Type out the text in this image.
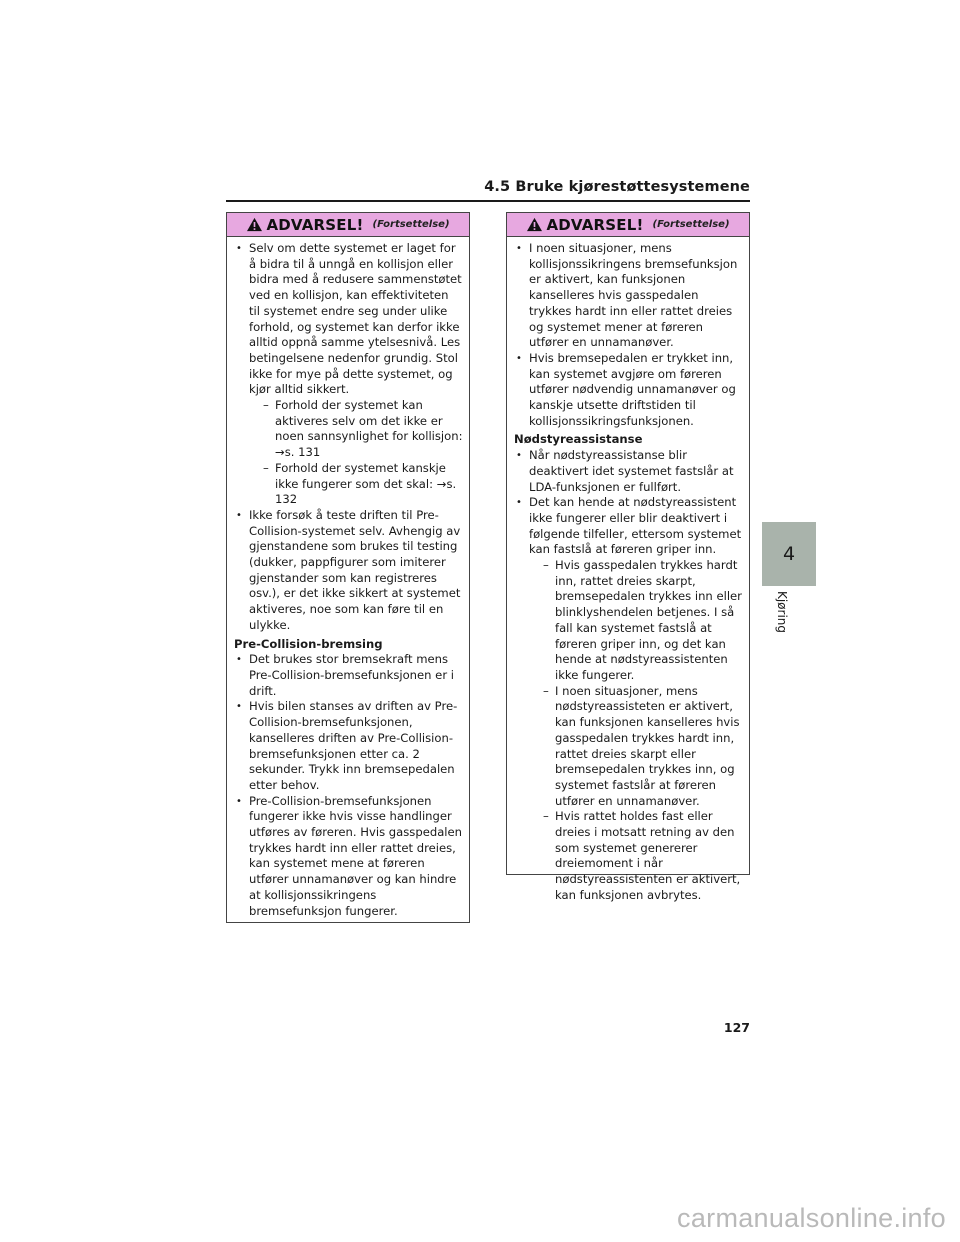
4.5 Bruke kjørestøttesystemene
ADVARSEL! (Fortsettelse)
• Selv om dette systemet er laget for å bidra til å unngå en kollisjon eller bidra med å redusere sammenstøtet ved en kollisjon, kan effektiviteten til systemet endre seg under ulike forhold, og systemet kan derfor ikke alltid oppnå samme ytelsesnivå. Les betingelsene nedenfor grundig. Stol ikke for mye på dette systemet, og kjør alltid sikkert.
– Forhold der systemet kan aktiveres selv om det ikke er noen sannsynlighet for kollisjon: →s. 131
– Forhold der systemet kanskje ikke fungerer som det skal: →s. 132
• Ikke forsøk å teste driften til Pre-Collision-systemet selv. Avhengig av gjenstandene som brukes til testing (dukker, pappfigurer som imiterer gjenstander som kan registreres osv.), er det ikke sikkert at systemet aktiveres, noe som kan føre til en ulykke.
Pre-Collision-bremsing
• Det brukes stor bremsekraft mens Pre-Collision-bremsefunksjonen er i drift.
• Hvis bilen stanses av driften av Pre-Collision-bremsefunksjonen, kanselleres driften av Pre-Collision-bremsefunksjonen etter ca. 2 sekunder. Trykk inn bremsepedalen etter behov.
• Pre-Collision-bremsefunksjonen fungerer ikke hvis visse handlinger utføres av føreren. Hvis gasspedalen trykkes hardt inn eller rattet dreies, kan systemet mene at føreren utfører unnamanøver og kan hindre at kollisjonssikringens bremsefunksjon fungerer.
ADVARSEL! (Fortsettelse)
• I noen situasjoner, mens kollisjonssikringens bremsefunksjon er aktivert, kan funksjonen kanselleres hvis gasspedalen trykkes hardt inn eller rattet dreies og systemet mener at føreren utfører en unnamanøver.
• Hvis bremsepedalen er trykket inn, kan systemet avgjøre om føreren utfører nødvendig unnamanøver og kanskje utsette driftstiden til kollisjonssikringsfunksjonen.
Nødstyreassistanse
• Når nødstyreassistanse blir deaktivert idet systemet fastslår at LDA-funksjonen er fullført.
• Det kan hende at nødstyreassistent ikke fungerer eller blir deaktivert i følgende tilfeller, ettersom systemet kan fastslå at føreren griper inn.
– Hvis gasspedalen trykkes hardt inn, rattet dreies skarpt, bremsepedalen trykkes inn eller blinklyshendelen betjenes. I så fall kan systemet fastslå at føreren griper inn, og det kan hende at nødstyreassistenten ikke fungerer.
– I noen situasjoner, mens nødstyreassisteten er aktivert, kan funksjonen kanselleres hvis gasspedalen trykkes hardt inn, rattet dreies skarpt eller bremsepedalen trykkes inn, og systemet fastslår at føreren utfører en unnamanøver.
– Hvis rattet holdes fast eller dreies i motsatt retning av den som systemet genererer dreiemoment i når nødstyreassistenten er aktivert, kan funksjonen avbrytes.
4
Kjøring
127
carmanualsonline.info
